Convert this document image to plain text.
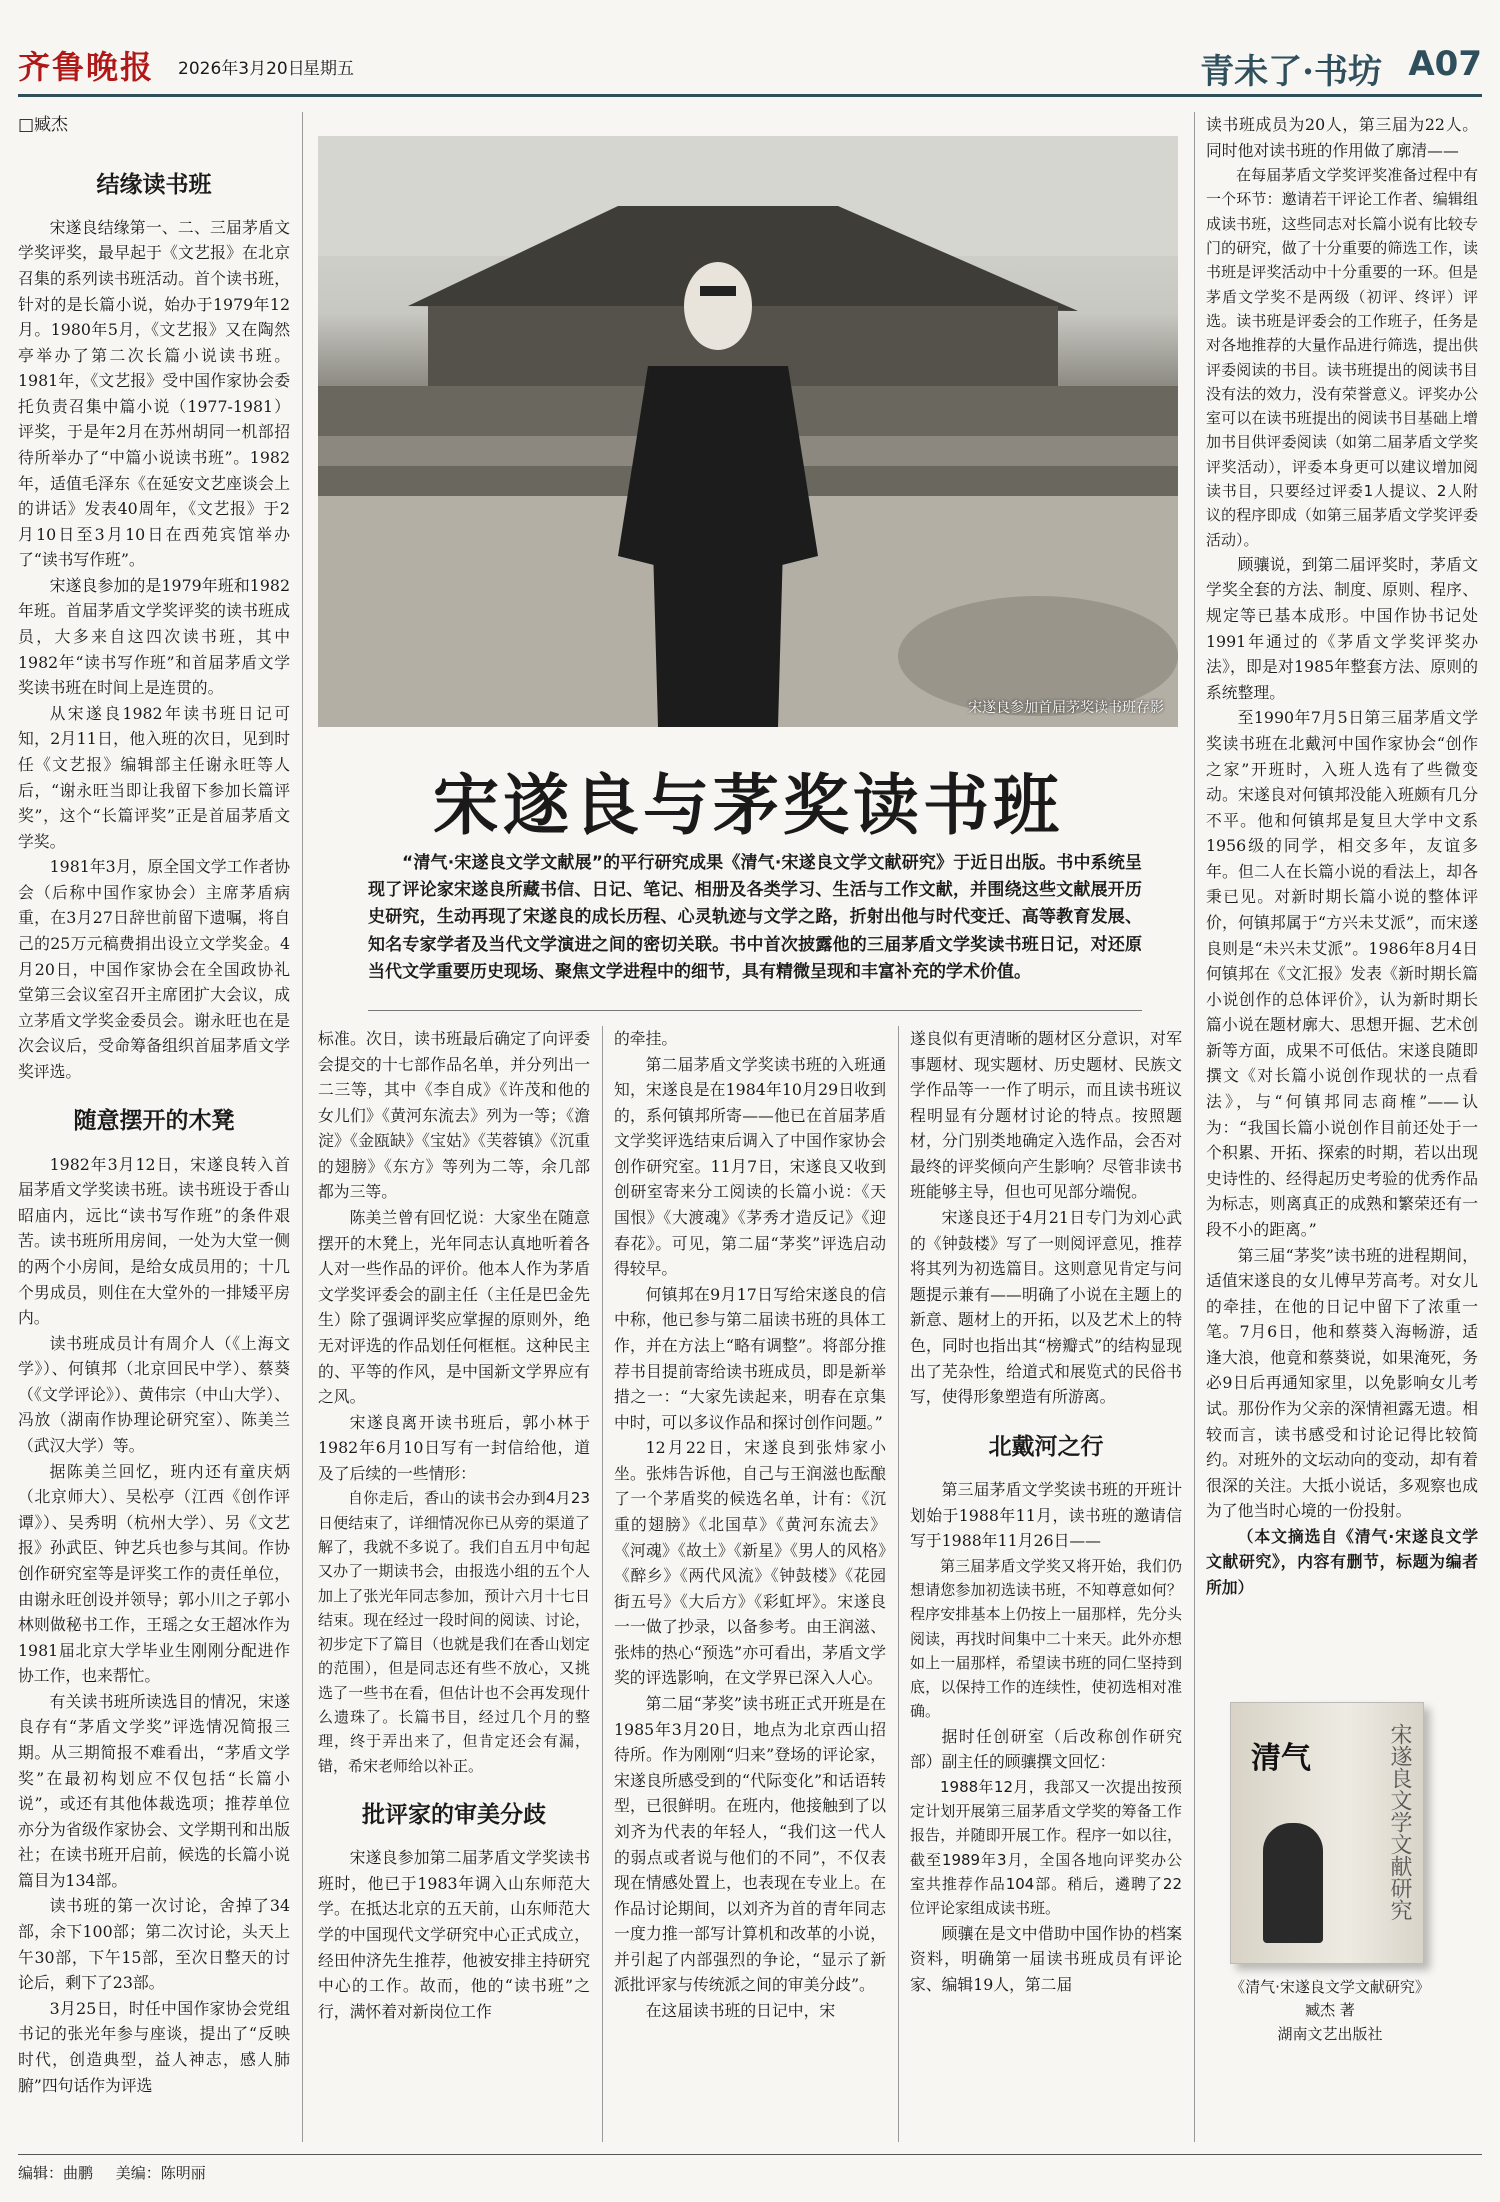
齐鲁晚报 2026年3月20日
星期五	青未了·书坊 A07
□臧杰
结缘读书班

宋遂良结缘第一、二、三届茅盾文学奖评奖，最早起于《文艺报》在北京召集的系列读书班活动。首个读书班，针对的是长篇小说，始办于1979年12月。1980年5月，《文艺报》又在陶然亭举办了第二次长篇小说读书班。1981年，《文艺报》受中国作家协会委托负责召集中篇小说（1977-1981）评奖，于是年2月在苏州胡同一机部招待所举办了“中篇小说读书班”。1982年，适值毛泽东《在延安文艺座谈会上的讲话》发表40周年，《文艺报》于2月10日至3月10日在西苑宾馆举办了“读书写作班”。

宋遂良参加的是1979年班和1982年班。首届茅盾文学奖评奖的读书班成员，大多来自这四次读书班，其中1982年“读书写作班”和首届茅盾文学奖读书班在时间上是连贯的。

从宋遂良1982年读书班日记可知，2月11日，他入班的次日，见到时任《文艺报》编辑部主任谢永旺等人后，“谢永旺当即让我留下参加长篇评奖”，这个“长篇评奖”正是首届茅盾文学奖。

1981年3月，原全国文学工作者协会（后称中国作家协会）主席茅盾病重，在3月27日辞世前留下遗嘱，将自己的25万元稿费捐出设立文学奖金。4月20日，中国作家协会在全国政协礼堂第三会议室召开主席团扩大会议，成立茅盾文学奖金委员会。谢永旺也在是次会议后，受命筹备组织首届茅盾文学奖评选。

随意摆开的木凳

1982年3月12日，宋遂良转入首届茅盾文学奖读书班。读书班设于香山昭庙内，远比“读书写作班”的条件艰苦。读书班所用房间，一处为大堂一侧的两个小房间，是给女成员用的；十几个男成员，则住在大堂外的一排矮平房内。

读书班成员计有周介人（《上海文学》）、何镇邦（北京回民中学）、蔡葵（《文学评论》）、黄伟宗（中山大学）、冯放（湖南作协理论研究室）、陈美兰（武汉大学）等。

据陈美兰回忆，班内还有童庆炳（北京师大）、吴松亭（江西《创作评谭》）、吴秀明（杭州大学）、另《文艺报》孙武臣、钟艺兵也参与其间。作协创作研究室等是评奖工作的责任单位，由谢永旺创设并领导；郭小川之子郭小林则做秘书工作，王瑶之女王超冰作为1981届北京大学毕业生刚刚分配进作协工作，也来帮忙。

有关读书班所读选目的情况，宋遂良存有“茅盾文学奖”评选情况简报三期。从三期简报不难看出，“茅盾文学奖”在最初构划应不仅包括“长篇小说”，或还有其他体裁选项；推荐单位亦分为省级作家协会、文学期刊和出版社；在读书班开启前，候选的长篇小说篇目为134部。

读书班的第一次讨论，舍掉了34部，余下100部；第二次讨论，头天上午30部，下午15部，至次日整天的讨论后，剩下了23部。

3月25日，时任中国作家协会党组书记的张光年参与座谈，提出了“反映时代，创造典型，益人神志，感人肺腑”四句话作为评选

宋遂良参加首届茅奖读书班存影
宋遂良与茅奖读书班

“清气·宋遂良文学文献展”的平行研究成果《清气·宋遂良文学文献研究》于近日出版。书中系统呈现了评论家宋遂良所藏书信、日记、笔记、相册及各类学习、生活与工作文献，并围绕这些文献展开历史研究，生动再现了宋遂良的成长历程、心灵轨迹与文学之路，折射出他与时代变迁、高等教育发展、知名专家学者及当代文学演进之间的密切关联。书中首次披露他的三届茅盾文学奖读书班日记，对还原当代文学重要历史现场、聚焦文学进程中的细节，具有精微呈现和丰富补充的学术价值。

标准。次日，读书班最后确定了向评委会提交的十七部作品名单，并分列出一二三等，其中《李自成》《许茂和他的女儿们》《黄河东流去》列为一等；《澹淀》《金瓯缺》《宝姑》《芙蓉镇》《沉重的翅膀》《东方》等列为二等，余几部都为三等。

陈美兰曾有回忆说：大家坐在随意摆开的木凳上，光年同志认真地听着各人对一些作品的评价。他本人作为茅盾文学奖评委会的副主任（主任是巴金先生）除了强调评奖应掌握的原则外，绝无对评选的作品划任何框框。这种民主的、平等的作风，是中国新文学界应有之风。

宋遂良离开读书班后，郭小林于1982年6月10日写有一封信给他，道及了后续的一些情形：

自你走后，香山的读书会办到4月23日便结束了，详细情况你已从旁的渠道了解了，我就不多说了。我们自五月中旬起又办了一期读书会，由报选小组的五个人加上了张光年同志参加，预计六月十七日结束。现在经过一段时间的阅读、讨论，初步定下了篇目（也就是我们在香山划定的范围），但是同志还有些不放心，又挑选了一些书在看，但估计也不会再发现什么遗珠了。长篇书目，经过几个月的整理，终于弄出来了，但肯定还会有漏，错，希宋老师给以补正。

批评家的审美分歧

宋遂良参加第二届茅盾文学奖读书班时，他已于1983年调入山东师范大学。在抵达北京的五天前，山东师范大学的中国现代文学研究中心正式成立，经田仲济先生推荐，他被安排主持研究中心的工作。故而，他的“读书班”之行，满怀着对新岗位工作

的牵挂。

第二届茅盾文学奖读书班的入班通知，宋遂良是在1984年10月29日收到的，系何镇邦所寄——他已在首届茅盾文学奖评选结束后调入了中国作家协会创作研究室。11月7日，宋遂良又收到创研室寄来分工阅读的长篇小说：《天国恨》《大渡魂》《茅秀才造反记》《迎春花》。可见，第二届“茅奖”评选启动得较早。

何镇邦在9月17日写给宋遂良的信中称，他已参与第二届读书班的具体工作，并在方法上“略有调整”。将部分推荐书目提前寄给读书班成员，即是新举措之一：“大家先读起来，明春在京集中时，可以多议作品和探讨创作问题。”

12月22日，宋遂良到张炜家小坐。张炜告诉他，自己与王润滋也酝酿了一个茅盾奖的候选名单，计有：《沉重的翅膀》《北国草》《黄河东流去》《河魂》《故土》《新星》《男人的风格》《醉乡》《两代风流》《钟鼓楼》《花园街五号》《大后方》《彩虹坪》。宋遂良一一做了抄录，以备参考。由王润滋、张炜的热心“预选”亦可看出，茅盾文学奖的评选影响，在文学界已深入人心。

第二届“茅奖”读书班正式开班是在1985年3月20日，地点为北京西山招待所。作为刚刚“归来”登场的评论家，宋遂良所感受到的“代际变化”和话语转型，已很鲜明。在班内，他接触到了以刘齐为代表的年轻人，“我们这一代人的弱点或者说与他们的不同”，不仅表现在情感处置上，也表现在专业上。在作品讨论期间，以刘齐为首的青年同志一度力推一部写计算机和改革的小说，并引起了内部强烈的争论，“显示了新派批评家与传统派之间的审美分歧”。

在这届读书班的日记中，宋

遂良似有更清晰的题材区分意识，对军事题材、现实题材、历史题材、民族文学作品等一一作了明示，而且读书班议程明显有分题材讨论的特点。按照题材，分门别类地确定入选作品，会否对最终的评奖倾向产生影响？尽管非读书班能够主导，但也可见部分端倪。

宋遂良还于4月21日专门为刘心武的《钟鼓楼》写了一则阅评意见，推荐将其列为初选篇目。这则意见肯定与问题提示兼有——明确了小说在主题上的新意、题材上的开拓，以及艺术上的特色，同时也指出其“榜瓣式”的结构显现出了芜杂性，给道式和展览式的民俗书写，使得形象塑造有所游离。

北戴河之行

第三届茅盾文学奖读书班的开班计划始于1988年11月，读书班的邀请信写于1988年11月26日——

第三届茅盾文学奖又将开始，我们仍想请您参加初选读书班，不知尊意如何？程序安排基本上仍按上一届那样，先分头阅读，再找时间集中二十来天。此外亦想如上一届那样，希望读书班的同仁坚持到底，以保持工作的连续性，使初选相对准确。

据时任创研室（后改称创作研究部）副主任的顾骧撰文回忆：

1988年12月，我部又一次提出按预定计划开展第三届茅盾文学奖的筹备工作报告，并随即开展工作。程序一如以往，截至1989年3月，全国各地向评奖办公室共推荐作品104部。稍后，遴聘了22位评论家组成读书班。

顾骧在是文中借助中国作协的档案资料，明确第一届读书班成员有评论家、编辑19人，第二届

读书班成员为20人，第三届为22人。同时他对读书班的作用做了廓清——

在每届茅盾文学奖评奖准备过程中有一个环节：邀请若干评论工作者、编辑组成读书班，这些同志对长篇小说有比较专门的研究，做了十分重要的筛选工作，读书班是评奖活动中十分重要的一环。但是茅盾文学奖不是两级（初评、终评）评选。读书班是评委会的工作班子，任务是对各地推荐的大量作品进行筛选，提出供评委阅读的书目。读书班提出的阅读书目没有法的效力，没有荣誉意义。评奖办公室可以在读书班提出的阅读书目基础上增加书目供评委阅读（如第二届茅盾文学奖评奖活动），评委本身更可以建议增加阅读书目，只要经过评委1人提议、2人附议的程序即成（如第三届茅盾文学奖评委活动）。

顾骧说，到第二届评奖时，茅盾文学奖全套的方法、制度、原则、程序、规定等已基本成形。中国作协书记处1991年通过的《茅盾文学奖评奖办法》，即是对1985年整套方法、原则的系统整理。

至1990年7月5日第三届茅盾文学奖读书班在北戴河中国作家协会“创作之家”开班时，入班人选有了些微变动。宋遂良对何镇邦没能入班颇有几分不平。他和何镇邦是复旦大学中文系1956级的同学，相交多年，友谊多年。但二人在长篇小说的看法上，却各秉已见。对新时期长篇小说的整体评价，何镇邦属于“方兴未艾派”，而宋遂良则是“未兴未艾派”。1986年8月4日何镇邦在《文汇报》发表《新时期长篇小说创作的总体评价》，认为新时期长篇小说在题材廓大、思想开掘、艺术创新等方面，成果不可低估。宋遂良随即撰文《对长篇小说创作现状的一点看法》，与“何镇邦同志商榷”——认为：“我国长篇小说创作目前还处于一个积累、开拓、探索的时期，若以出现史诗性的、经得起历史考验的优秀作品为标志，则离真正的成熟和繁荣还有一段不小的距离。”

第三届“茅奖”读书班的进程期间，适值宋遂良的女儿傅早芳高考。对女儿的牵挂，在他的日记中留下了浓重一笔。7月6日，他和蔡葵入海畅游，适逢大浪，他竟和蔡葵说，如果淹死，务必9日后再通知家里，以免影响女儿考试。那份作为父亲的深情袒露无遗。相较而言，读书感受和讨论记得比较简约。对班外的文坛动向的变动，却有着很深的关注。大抵小说话，多观察也成为了他当时心境的一份投射。

（本文摘选自《清气·宋遂良文学文献研究》，内容有删节，标题为编者所加）

清气	宋遂良文学文献研究
《清气·宋遂良文学文献研究》
臧杰 著
湖南文艺出版社
编辑：曲鹏 美编：陈明丽
